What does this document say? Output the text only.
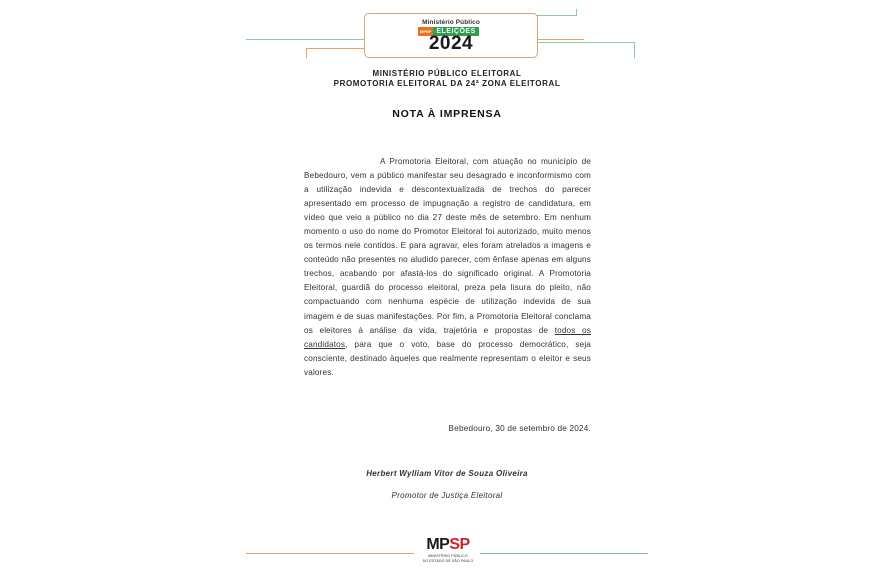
Ministério Público
MPSP ELEIÇÕES
2024
MINISTÉRIO PÚBLICO ELEITORAL
PROMOTORIA ELEITORAL DA 24ª ZONA ELEITORAL
NOTA À IMPRENSA
A Promotoria Eleitoral, com atuação no município de Bebedouro, vem a público manifestar seu desagrado e inconformismo com a utilização indevida e descontextualizada de trechos do parecer apresentado em processo de impugnação a registro de candidatura, em vídeo que veio a público no dia 27 deste mês de setembro. Em nenhum momento o uso do nome do Promotor Eleitoral foi autorizado, muito menos os termos nele contidos. E para agravar, eles foram atrelados a imagens e conteúdo não presentes no aludido parecer, com ênfase apenas em alguns trechos, acabando por afastá-los do significado original. A Promotoria Eleitoral, guardiã do processo eleitoral, preza pela lisura do pleito, não compactuando com nenhuma espécie de utilização indevida de sua imagem e de suas manifestações. Por fim, a Promotoria Eleitoral conclama os eleitores à análise da vida, trajetória e propostas de todos os candidatos, para que o voto, base do processo democrático, seja consciente, destinado àqueles que realmente representam o eleitor e seus valores.
Bebedouro, 30 de setembro de 2024.
Herbert Wylliam Vitor de Souza Oliveira
Promotor de Justiça Eleitoral
MPSP
MINISTÉRIO PÚBLICO
DO ESTADO DE SÃO PAULO
